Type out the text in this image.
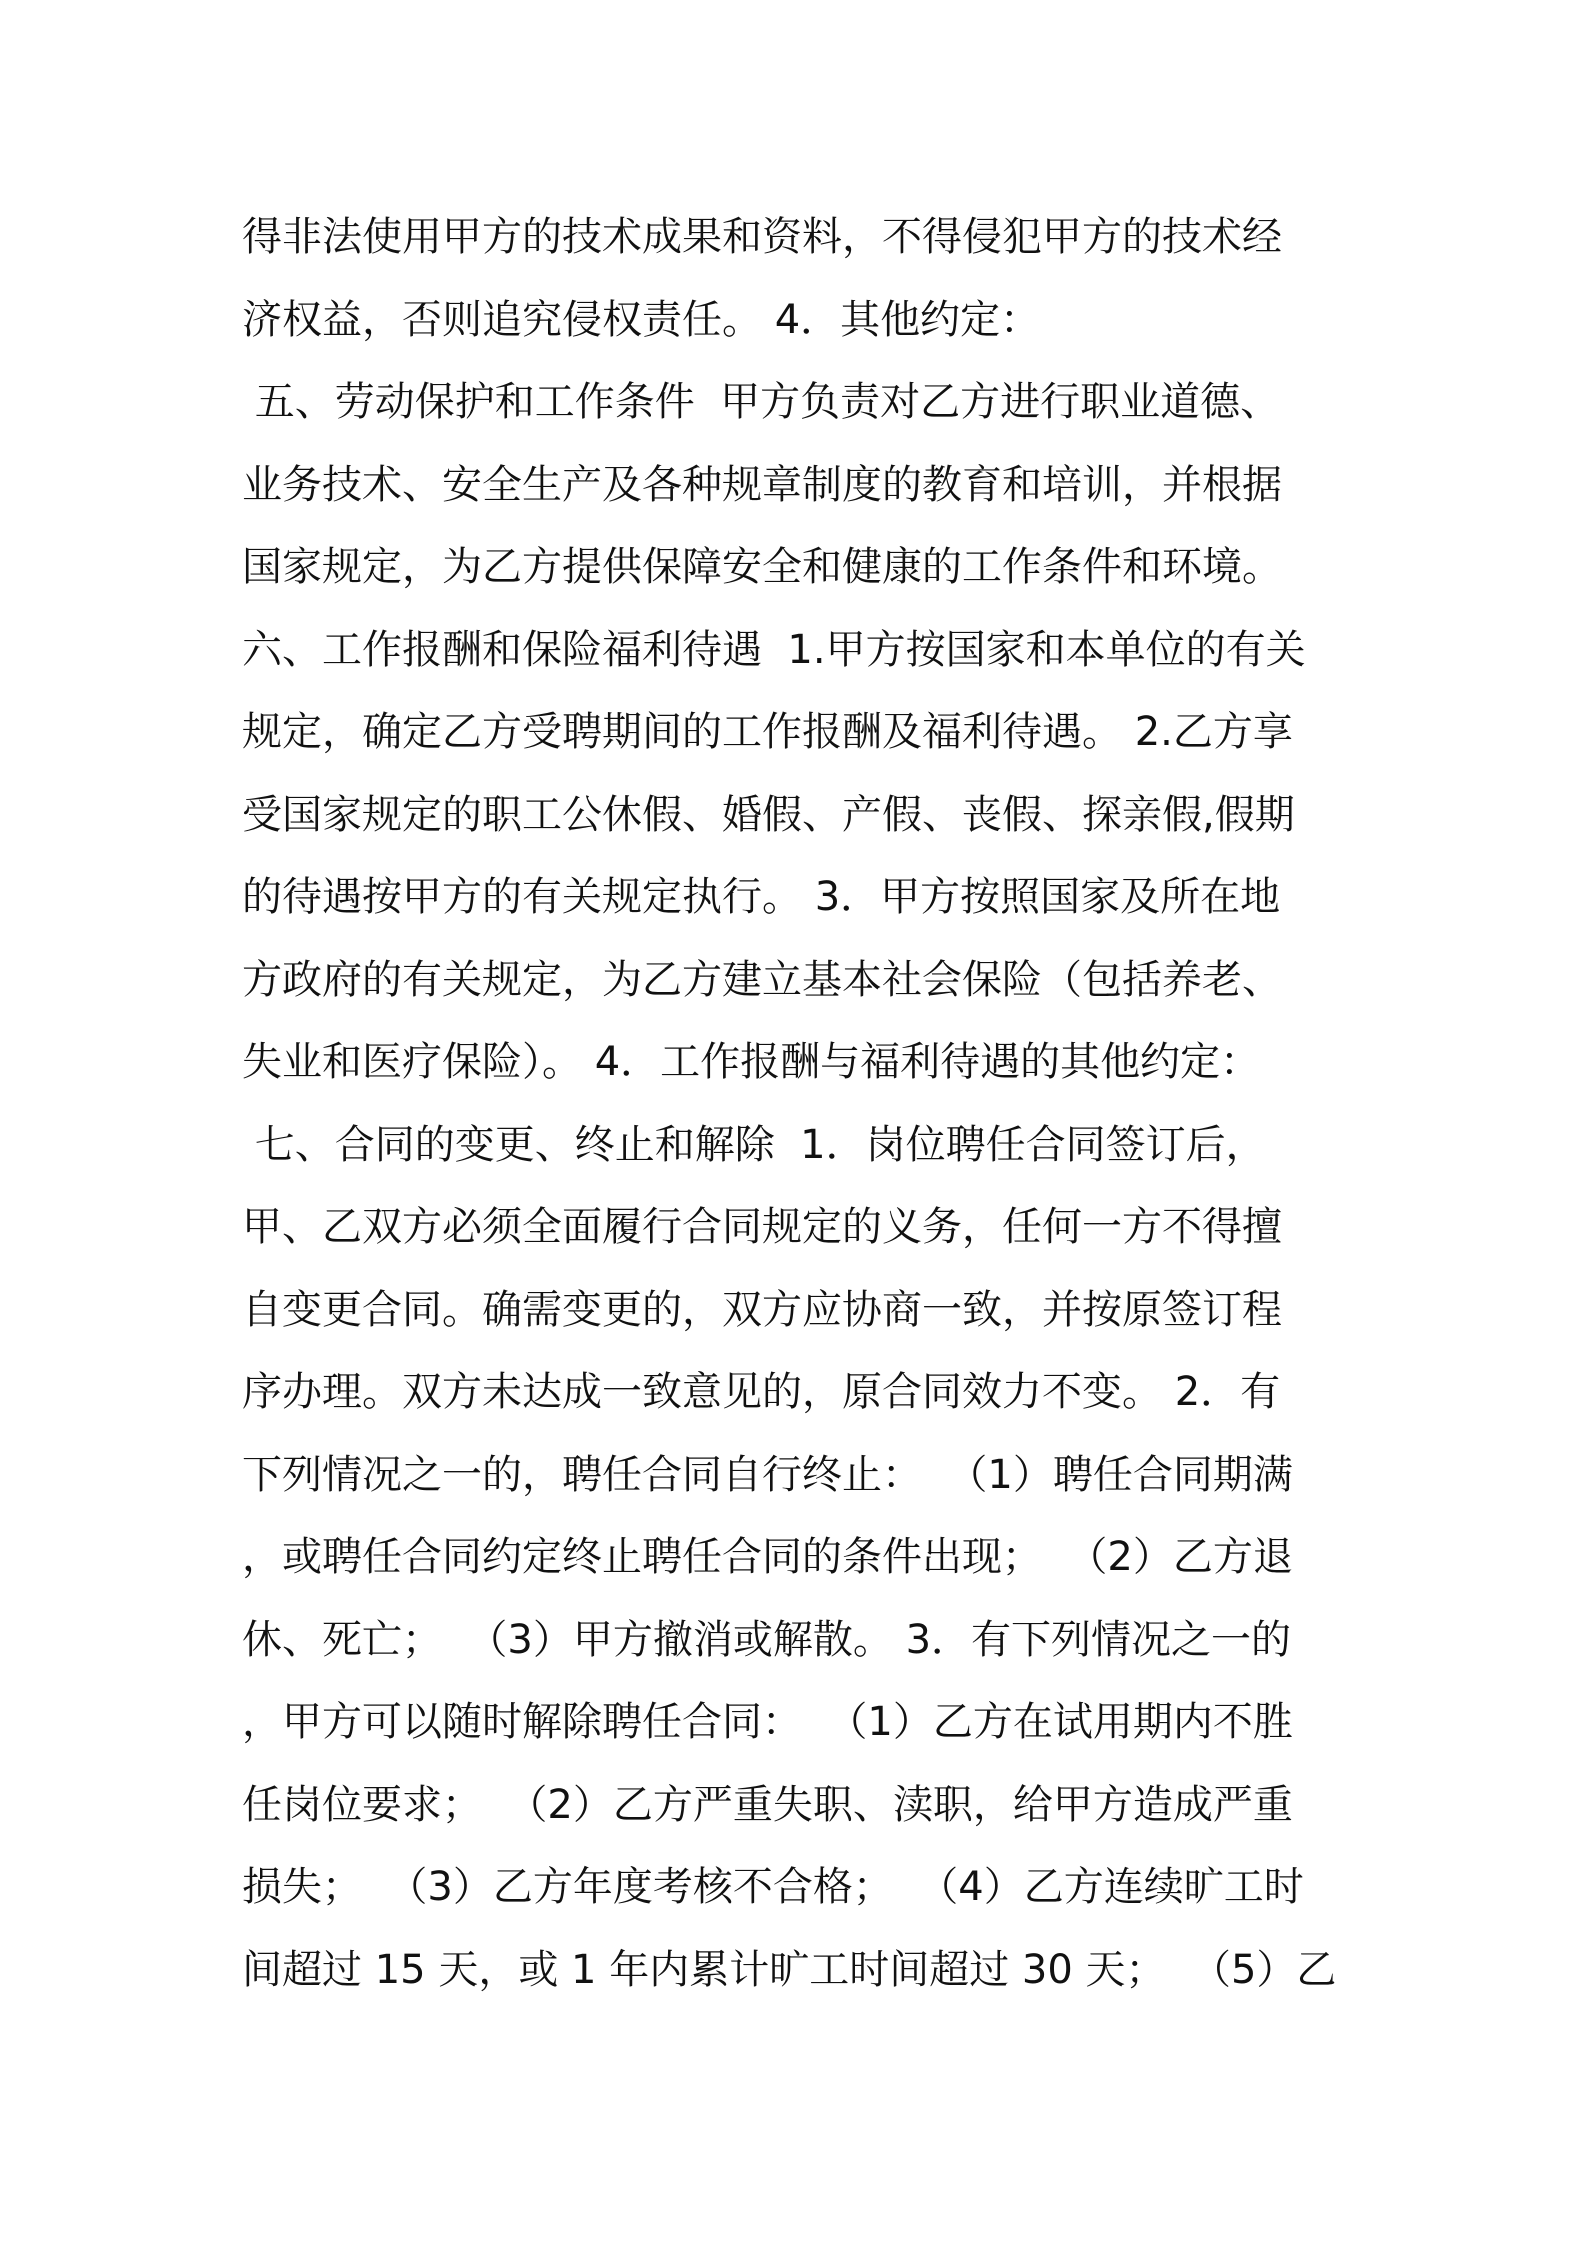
得非法使用甲方的技术成果和资料，不得侵犯甲方的技术经
济权益，否则追究侵权责任。 4．其他约定：
五、劳动保护和工作条件  甲方负责对乙方进行职业道德、
业务技术、安全生产及各种规章制度的教育和培训，并根据
国家规定，为乙方提供保障安全和健康的工作条件和环境。
六、工作报酬和保险福利待遇  1.甲方按国家和本单位的有关
规定，确定乙方受聘期间的工作报酬及福利待遇。 2.乙方享
受国家规定的职工公休假、婚假、产假、丧假、探亲假,假期
的待遇按甲方的有关规定执行。 3．甲方按照国家及所在地
方政府的有关规定，为乙方建立基本社会保险（包括养老、
失业和医疗保险）。 4．工作报酬与福利待遇的其他约定：
七、合同的变更、终止和解除  1．岗位聘任合同签订后，
甲、乙双方必须全面履行合同规定的义务，任何一方不得擅
自变更合同。确需变更的，双方应协商一致，并按原签订程
序办理。双方未达成一致意见的，原合同效力不变。 2．有
下列情况之一的，聘任合同自行终止：  （1）聘任合同期满
，或聘任合同约定终止聘任合同的条件出现；  （2）乙方退
休、死亡；  （3）甲方撤消或解散。 3．有下列情况之一的
，甲方可以随时解除聘任合同：  （1）乙方在试用期内不胜
任岗位要求；  （2）乙方严重失职、渎职，给甲方造成严重
损失；  （3）乙方年度考核不合格；  （4）乙方连续旷工时
间超过 15 天，或 1 年内累计旷工时间超过 30 天；  （5）乙
